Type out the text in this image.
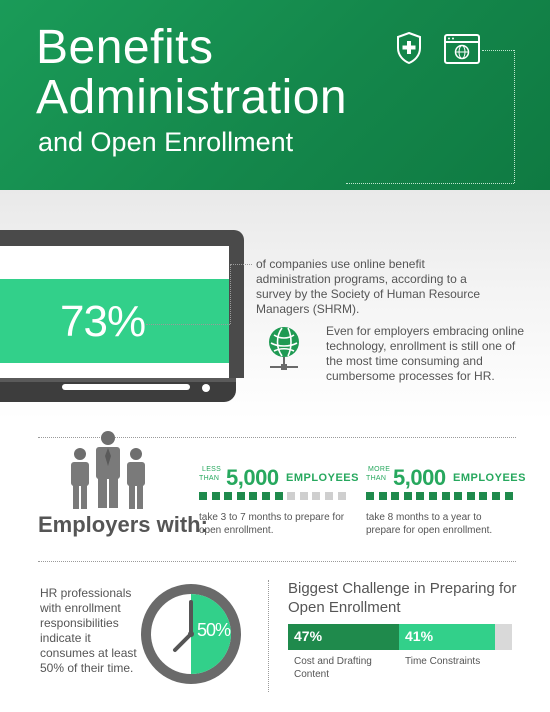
Benefits
Administration
and Open Enrollment
73%
of companies use online benefit administration programs, according to a survey by the Society of Human Resource Managers (SHRM).
Even for employers embracing online technology, enrollment is still one of the most time consuming and cumbersome processes for HR.
Employers with:
LESS
THAN 5,000 EMPLOYEES
take 3 to 7 months to prepare for open enrollment.
MORE
THAN 5,000 EMPLOYEES
take 8 months to a year to prepare for open enrollment.
HR professionals with enrollment responsibilities indicate it consumes at least 50% of their time.
50%
Biggest Challenge in Preparing for Open Enrollment
47%
Cost and Drafting Content
41%
Time Constraints
